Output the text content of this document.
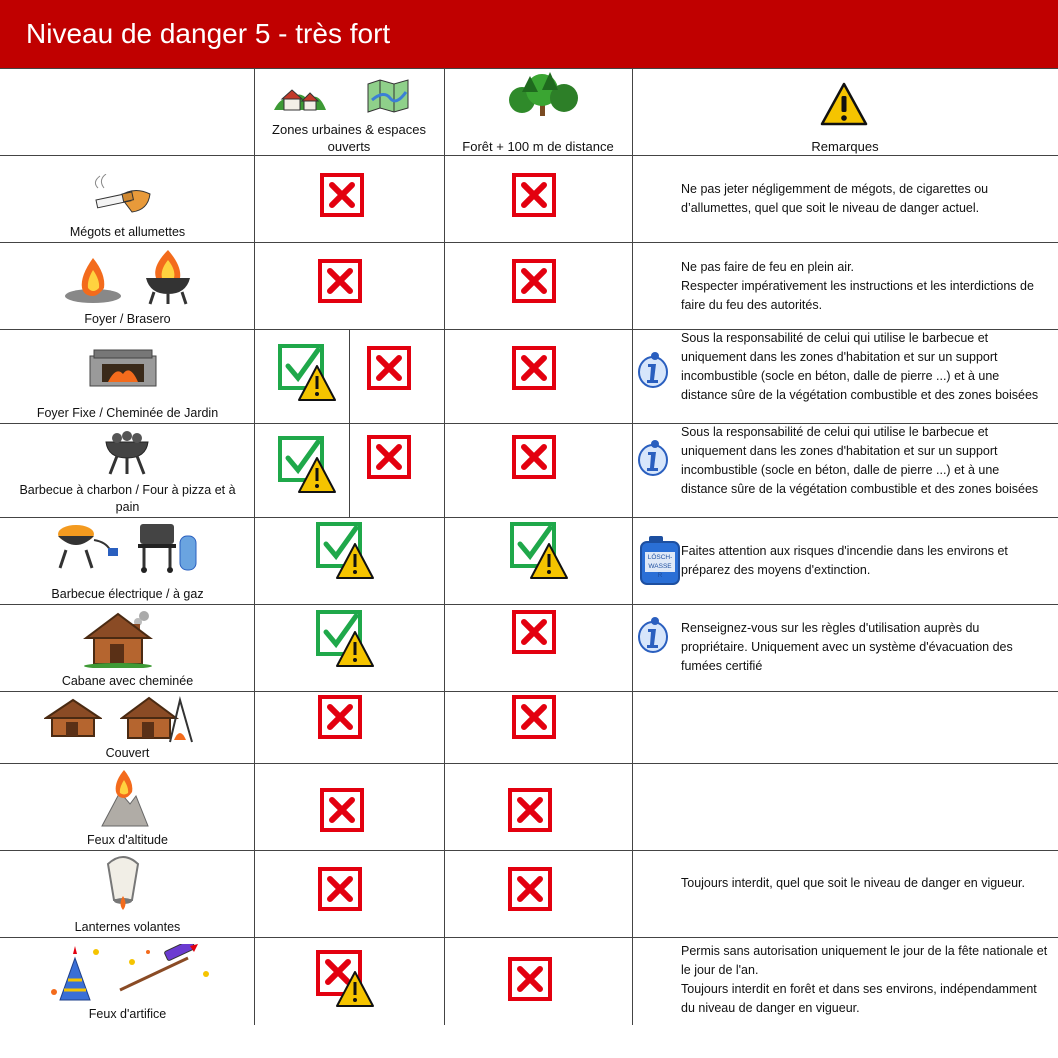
Niveau de danger 5 - très fort
Zones urbaines & espaces ouverts	Forêt + 100 m de distance	Remarques
Mégots et allumettes
Ne pas jeter négligemment de mégots, de cigarettes ou d’allumettes, quel que soit le niveau de danger actuel.
Foyer / Brasero
Ne pas faire de feu en plein air.
Respecter impérativement les instructions et les interdictions de faire du feu des autorités.
Foyer Fixe / Cheminée de Jardin
Sous la responsabilité de celui qui utilise le barbecue et uniquement dans les zones d'habitation et sur un support incombustible (socle en béton, dalle de pierre ...) et à une distance sûre de la végétation combustible et des zones boisées
Barbecue à charbon / Four à pizza et à pain
Sous la responsabilité de celui qui utilise le barbecue et uniquement dans les zones d'habitation et sur un support incombustible (socle en béton, dalle de pierre ...) et à une distance sûre de la végétation combustible et des zones boisées
Barbecue électrique / à gaz
LÖSCH-WASSER
Faites attention aux risques d'incendie dans les environs et préparez des moyens d'extinction.
Cabane avec cheminée
Renseignez-vous sur les règles d'utilisation auprès du propriétaire. Uniquement avec un système d'évacuation des fumées certifié
Couvert
Feux d'altitude
Lanternes volantes
Toujours interdit, quel que soit le niveau de danger en vigueur.
Feux d'artifice
Permis sans autorisation uniquement le jour de la fête nationale et le jour de l'an.
Toujours interdit en forêt et dans ses environs, indépendamment du niveau de danger en vigueur.
